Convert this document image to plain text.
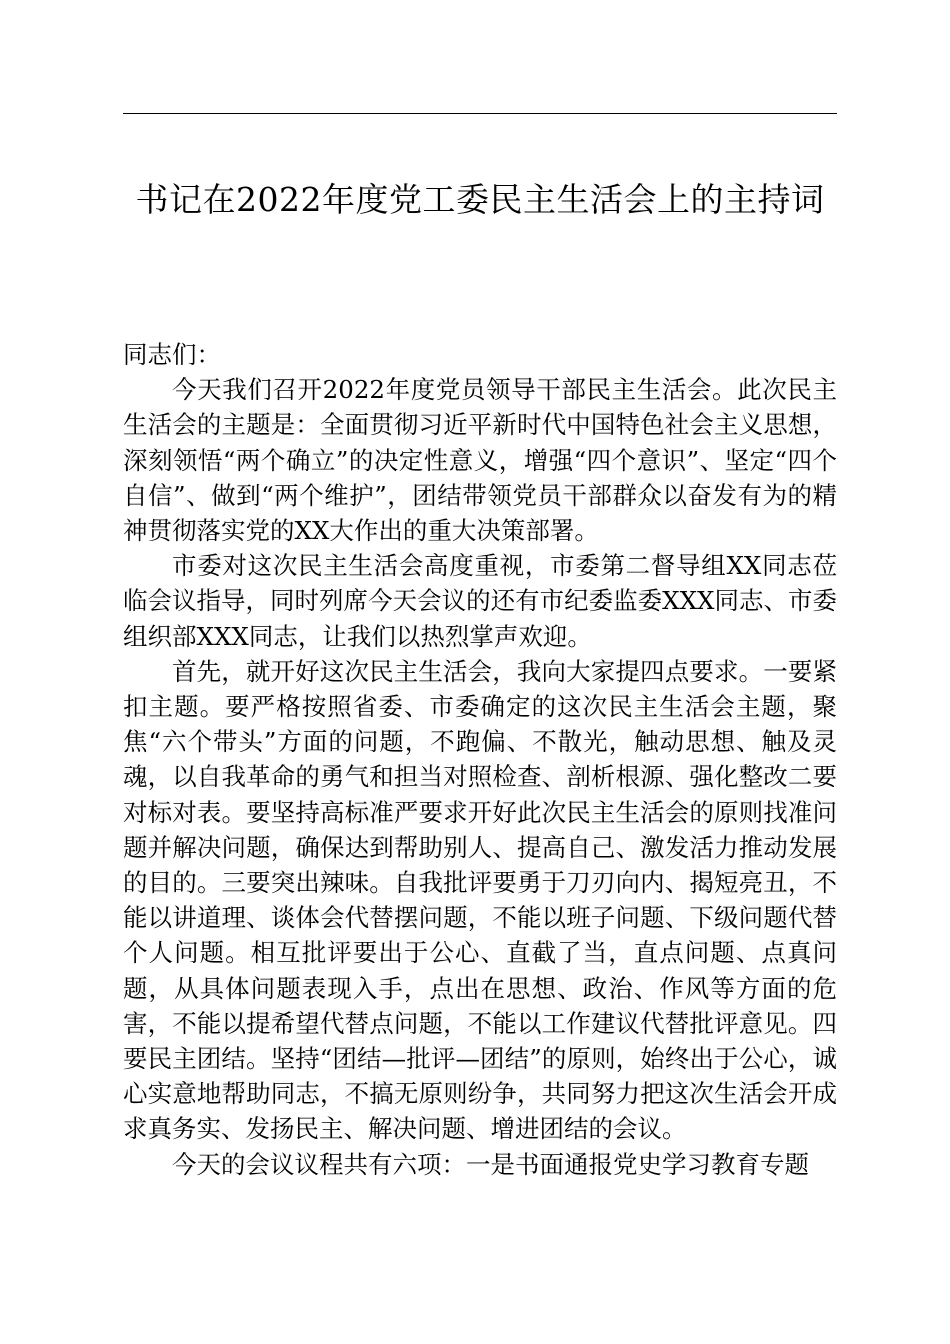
书记在2022年度党工委民主生活会上的主持词

同志们：

今天我们召开2022年度党员领导干部民主生活会。此次民主生活会的主题是：全面贯彻习近平新时代中国特色社会主义思想，深刻领悟“两个确立”的决定性意义，增强“四个意识”、坚定“四个自信”、做到“两个维护”，团结带领党员干部群众以奋发有为的精神贯彻落实党的XX大作出的重大决策部署。

市委对这次民主生活会高度重视，市委第二督导组XX同志莅临会议指导，同时列席今天会议的还有市纪委监委XXX同志、市委组织部XXX同志，让我们以热烈掌声欢迎。

首先，就开好这次民主生活会，我向大家提四点要求。一要紧扣主题。要严格按照省委、市委确定的这次民主生活会主题，聚焦“六个带头”方面的问题，不跑偏、不散光，触动思想、触及灵魂，以自我革命的勇气和担当对照检查、剖析根源、强化整改二要对标对表。要坚持高标准严要求开好此次民主生活会的原则找准问题并解决问题，确保达到帮助别人、提高自己、激发活力推动发展的目的。三要突出辣味。自我批评要勇于刀刃向内、揭短亮丑，不能以讲道理、谈体会代替摆问题，不能以班子问题、下级问题代替个人问题。相互批评要出于公心、直截了当，直点问题、点真问题，从具体问题表现入手，点出在思想、政治、作风等方面的危害，不能以提希望代替点问题，不能以工作建议代替批评意见。四要民主团结。坚持“团结—批评—团结”的原则，始终出于公心，诚心实意地帮助同志，不搞无原则纷争，共同努力把这次生活会开成求真务实、发扬民主、解决问题、增进团结的会议。

今天的会议议程共有六项：一是书面通报党史学习教育专题
